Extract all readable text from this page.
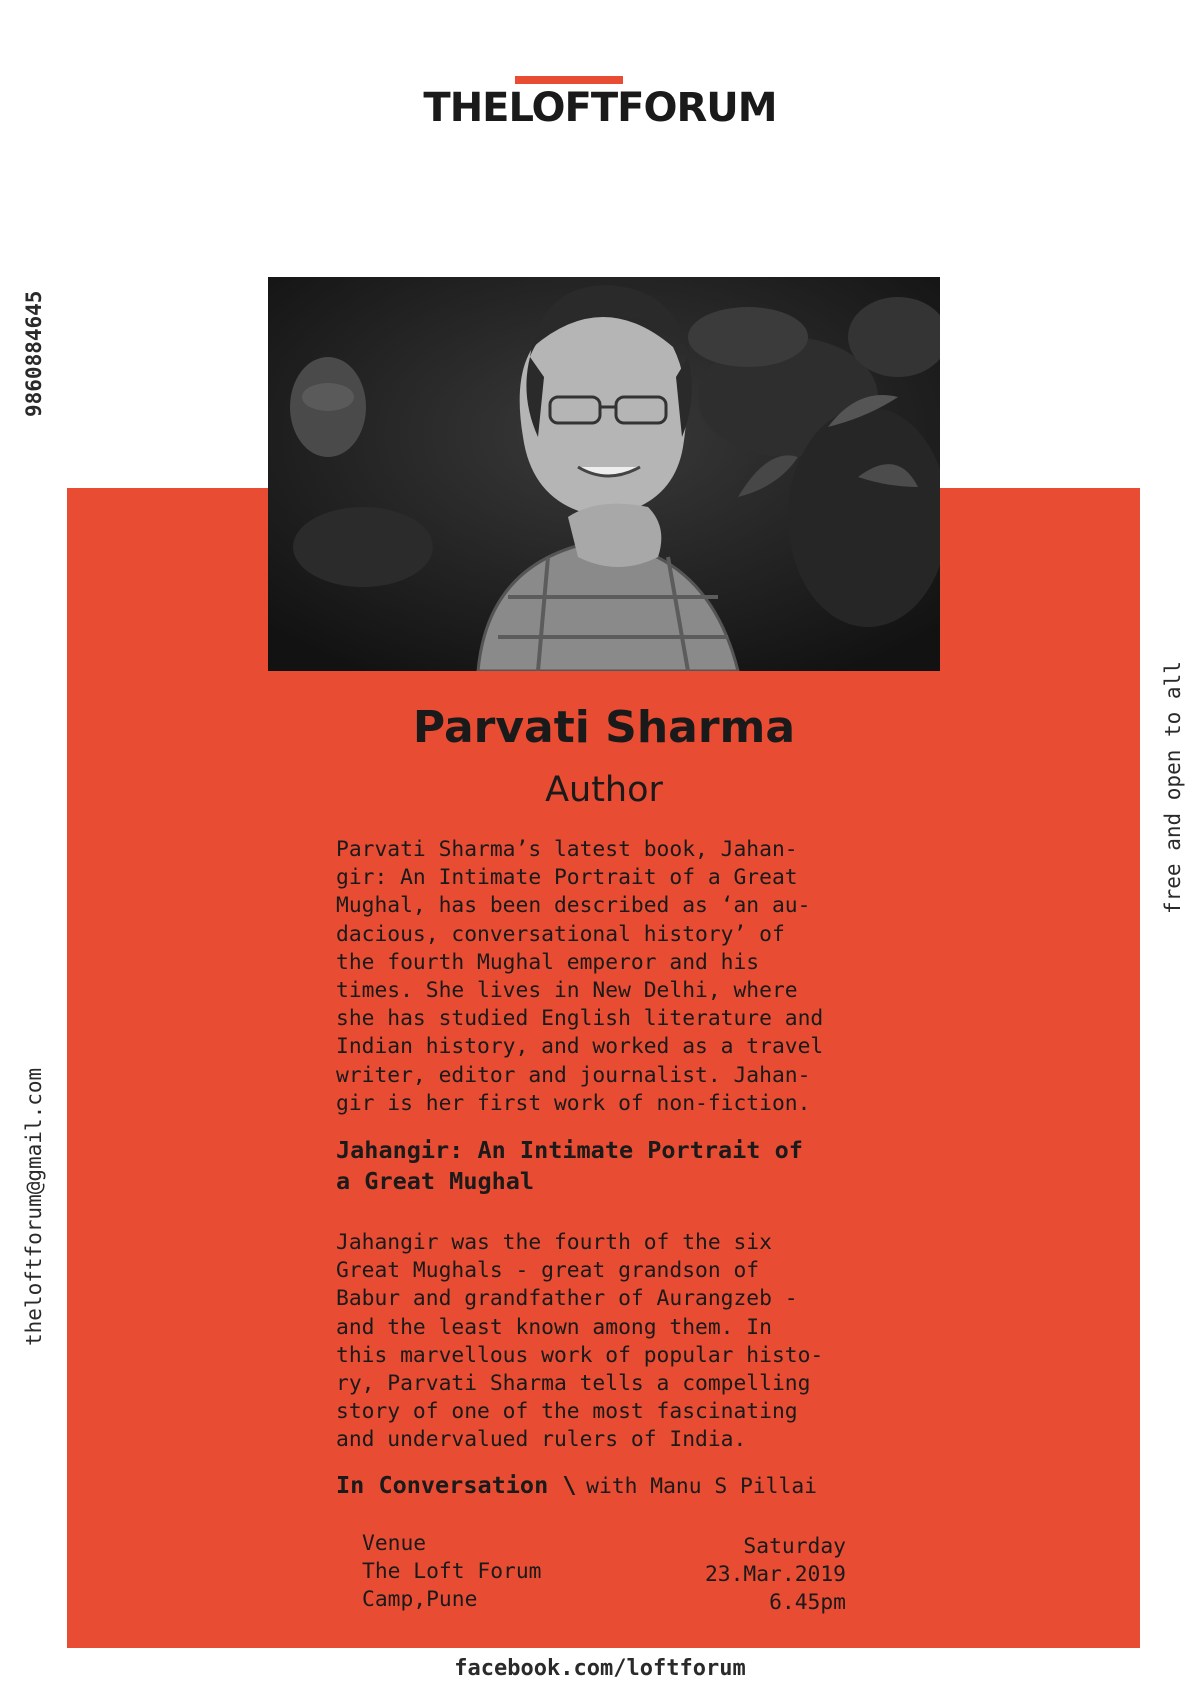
THELOFTFORUM
9860884645
theloftforum@gmail.com
free and open to all
Parvati Sharma
Author

Parvati Sharma’s latest book, Jahan-
gir: An Intimate Portrait of a Great
Mughal, has been described as ‘an au-
dacious, conversational history’ of
the fourth Mughal emperor and his
times. She lives in New Delhi, where
she has studied English literature and
Indian history, and worked as a travel
writer, editor and journalist. Jahan-
gir is her first work of non-fiction.

Jahangir: An Intimate Portrait of
a Great Mughal

Jahangir was the fourth of the six
Great Mughals - great grandson of
Babur and grandfather of Aurangzeb -
and the least known among them. In
this marvellous work of popular histo-
ry, Parvati Sharma tells a compelling
story of one of the most fascinating
and undervalued rulers of India.

In Conversation \ with Manu S Pillai
Venue
The Loft Forum
Camp,Pune
Saturday
23.Mar.2019
6.45pm
facebook.com/loftforum
